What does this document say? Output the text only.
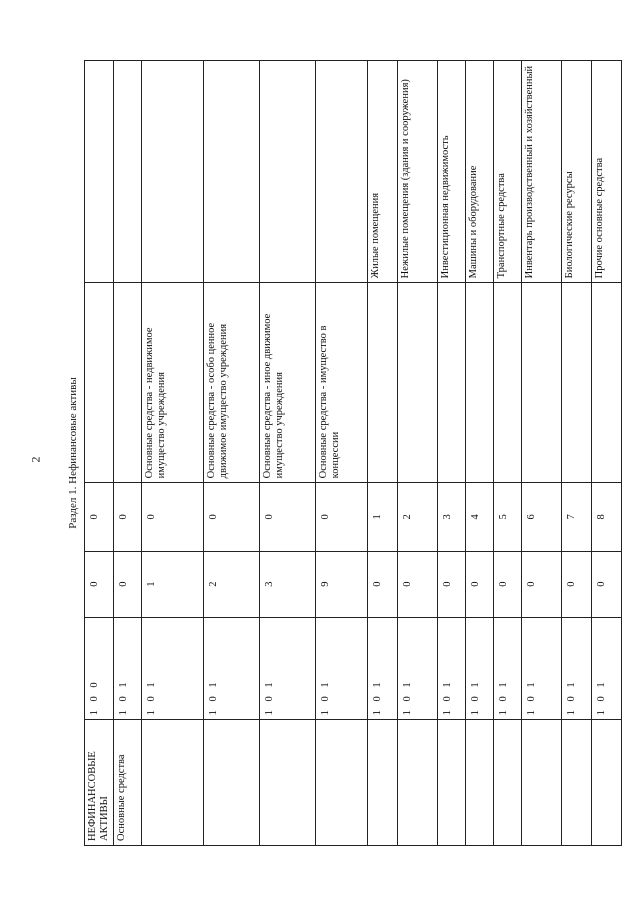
2	Раздел 1. Нефинансовые активы
НЕФИНАНСОВЫЕ АКТИВЫ	1 0 0	0	0		
Основные средства	1 0 1	0	0		
	1 0 1	1	0	Основные средства - недвижимое имущество учреждения	
	1 0 1	2	0	Основные средства - особо ценное движимое имущество учреждения	
	1 0 1	3	0	Основные средства - иное движимое имущество учреждения	
	1 0 1	9	0	Основные средства - имущество в концессии	
	1 0 1	0	1		Жилые помещения
	1 0 1	0	2		Нежилые помещения (здания и сооружения)
	1 0 1	0	3		Инвестиционная недвижимость
	1 0 1	0	4		Машины и оборудование
	1 0 1	0	5		Транспортные средства
	1 0 1	0	6		Инвентарь производственный и хозяйственный
	1 0 1	0	7		Биологические ресурсы
	1 0 1	0	8		Прочие основные средства
